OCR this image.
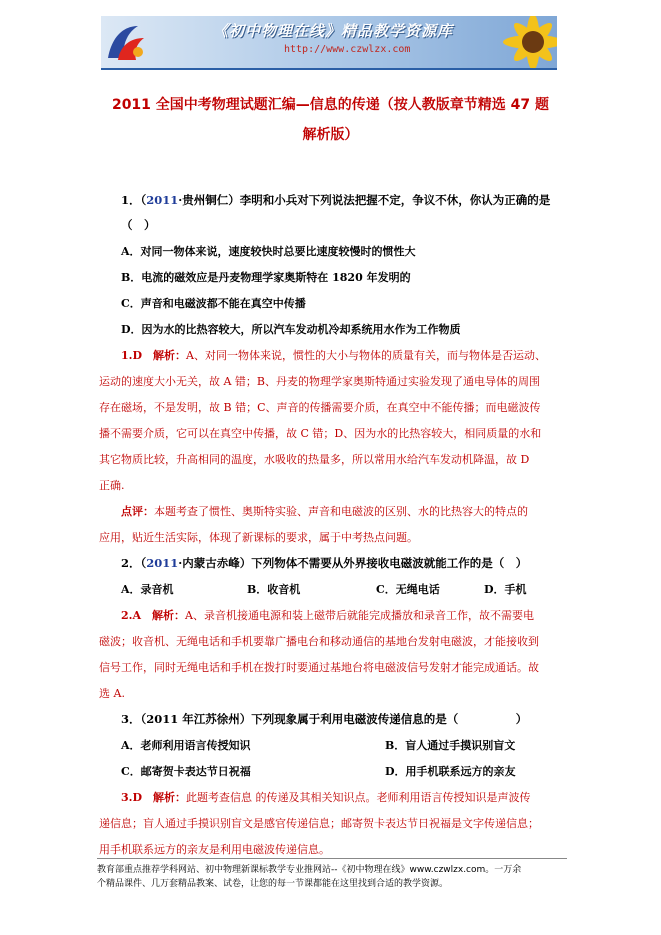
《初中物理在线》精品教学资源库
http://www.czwlzx.com
2011 全国中考物理试题汇编—信息的传递（按人教版章节精选 47 题
解析版）
1．（2011·贵州铜仁）李明和小兵对下列说法把握不定，争议不休，你认为正确的是
（　）
A．对同一物体来说，速度较快时总要比速度较慢时的惯性大
B．电流的磁效应是丹麦物理学家奥斯特在 1820 年发明的
C．声音和电磁波都不能在真空中传播
D．因为水的比热容较大，所以汽车发动机冷却系统用水作为工作物质
1.D　解析：A、对同一物体来说，惯性的大小与物体的质量有关，而与物体是否运动、
运动的速度大小无关，故 A 错；B、丹麦的物理学家奥斯特通过实验发现了通电导体的周围
存在磁场，不是发明，故 B 错；C、声音的传播需要介质，在真空中不能传播；而电磁波传
播不需要介质，它可以在真空中传播，故 C 错；D、因为水的比热容较大，相同质量的水和
其它物质比较，升高相同的温度，水吸收的热量多，所以常用水给汽车发动机降温，故 D
正确.
点评：本题考查了惯性、奥斯特实验、声音和电磁波的区别、水的比热容大的特点的
应用，贴近生活实际，体现了新课标的要求，属于中考热点问题。
2．（2011·内蒙古赤峰）下列物体不需要从外界接收电磁波就能工作的是（　）
A．录音机	B．收音机	C．无绳电话	D．手机
2.A　解析：A、录音机接通电源和装上磁带后就能完成播放和录音工作，故不需要电
磁波；收音机、无绳电话和手机要靠广播电台和移动通信的基地台发射电磁波，才能接收到
信号工作，同时无绳电话和手机在拨打时要通过基地台将电磁波信号发射才能完成通话。故
选 A.
3．（2011 年江苏徐州）下列现象属于利用电磁波传递信息的是（　　　　　）
A．老师利用语言传授知识	B．盲人通过手摸识别盲文
C．邮寄贺卡表达节日祝福	D．用手机联系远方的亲友
3.D　解析：此题考查信息 的传递及其相关知识点。老师利用语言传授知识是声波传
递信息；盲人通过手摸识别盲文是感官传递信息；邮寄贺卡表达节日祝福是文字传递信息；
用手机联系远方的亲友是利用电磁波传递信息。
教育部重点推荐学科网站、初中物理新课标教学专业推网站--《初中物理在线》www.czwlzx.com。一万余
个精品课件、几万套精品教案、试卷，让您的每一节课都能在这里找到合适的教学资源。
